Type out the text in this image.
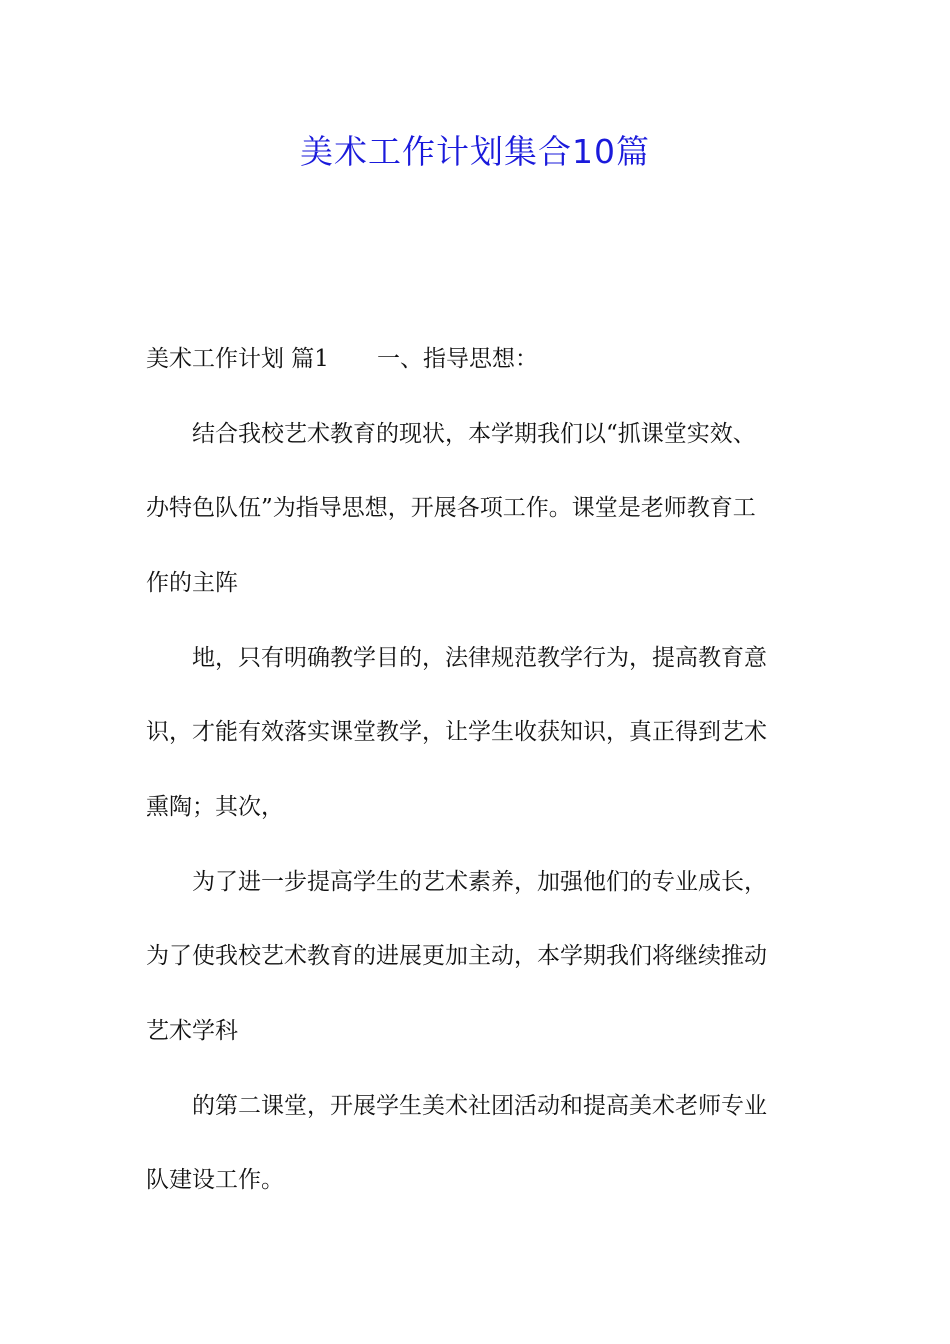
美术工作计划集合10篇
美术工作计划 篇1 一、指导思想：
结合我校艺术教育的现状，本学期我们以“抓课堂实效、
办特色队伍”为指导思想，开展各项工作。课堂是老师教育工
作的主阵
地，只有明确教学目的，法律规范教学行为，提高教育意
识，才能有效落实课堂教学，让学生收获知识，真正得到艺术
熏陶；其次，
为了进一步提高学生的艺术素养，加强他们的专业成长，
为了使我校艺术教育的进展更加主动，本学期我们将继续推动
艺术学科
的第二课堂，开展学生美术社团活动和提高美术老师专业
队建设工作。
